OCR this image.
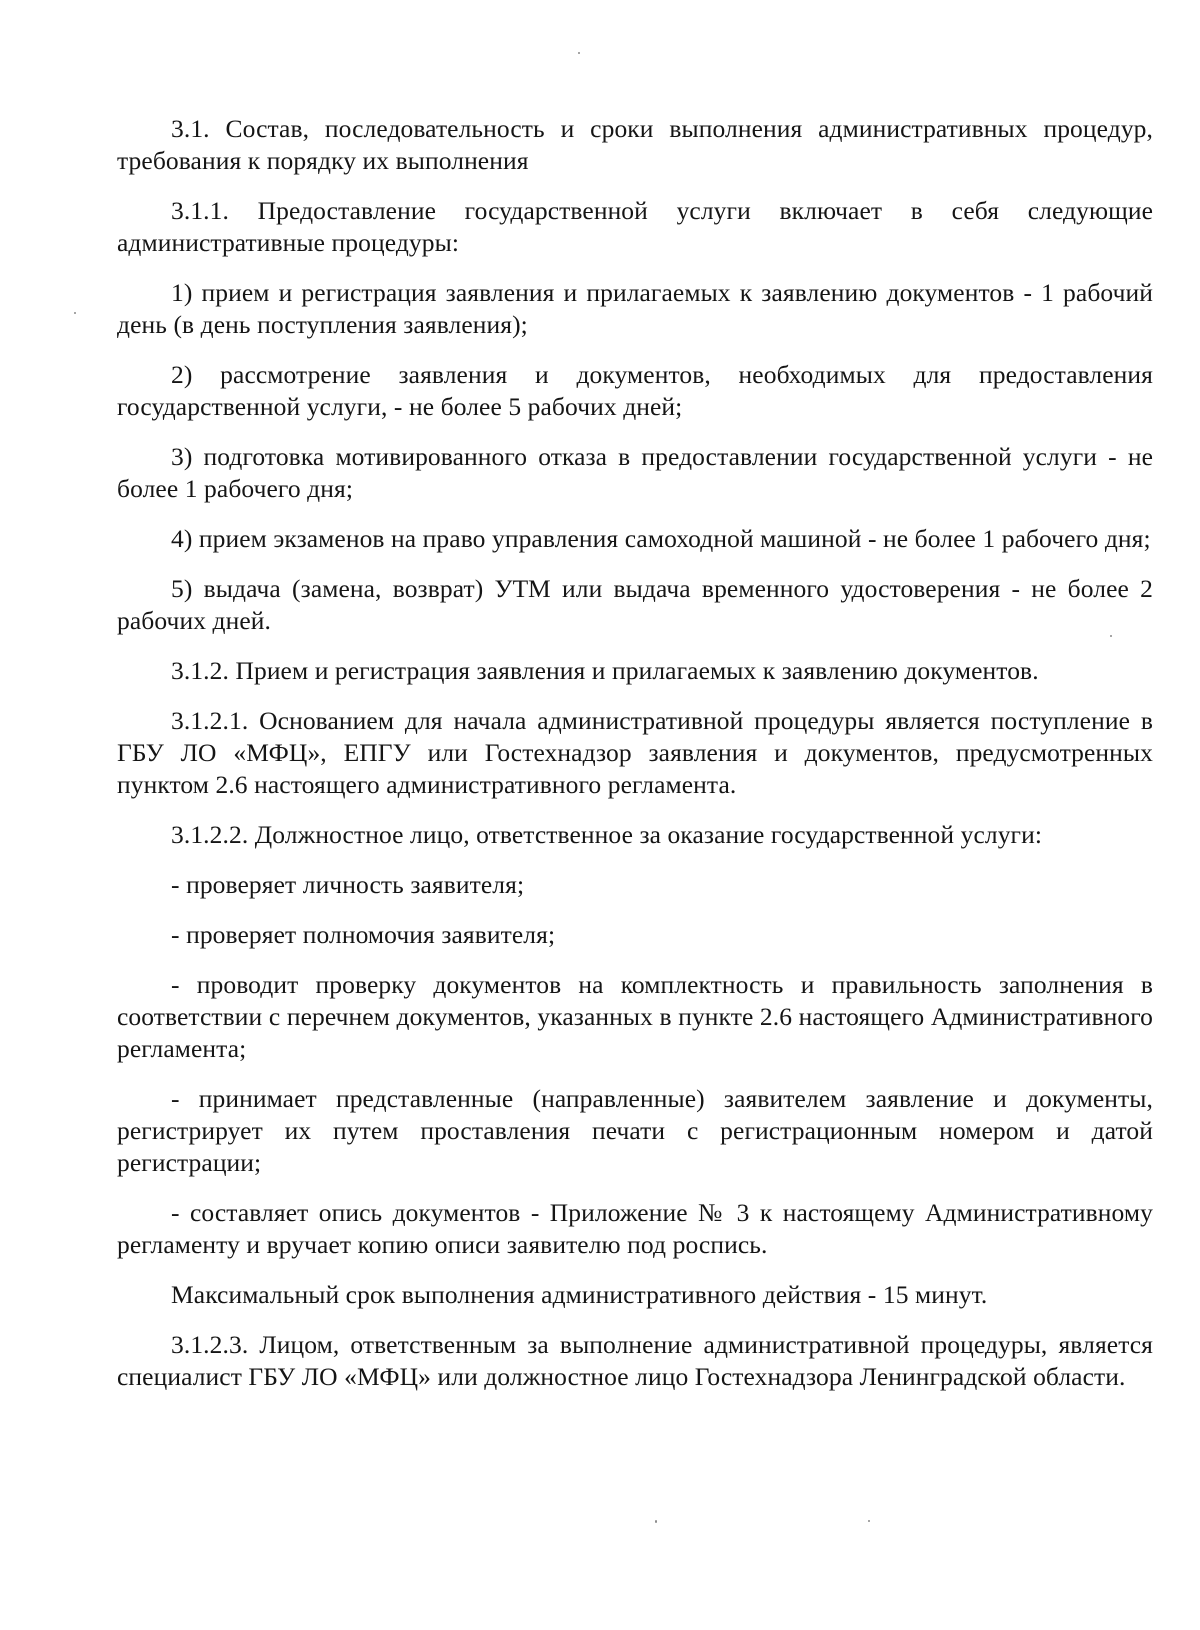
3.1. Состав, последовательность и сроки выполнения административных процедур, требования к порядку их выполнения

3.1.1. Предоставление государственной услуги включает в себя следующие административные процедуры:

1) прием и регистрация заявления и прилагаемых к заявлению документов - 1 рабочий день (в день поступления заявления);

2) рассмотрение заявления и документов, необходимых для предоставления государственной услуги, - не более 5 рабочих дней;

3) подготовка мотивированного отказа в предоставлении государственной услуги - не более 1 рабочего дня;

4) прием экзаменов на право управления самоходной машиной - не более 1 рабочего дня;

5) выдача (замена, возврат) УТМ или выдача временного удостоверения - не более 2 рабочих дней.

3.1.2. Прием и регистрация заявления и прилагаемых к заявлению документов.

3.1.2.1. Основанием для начала административной процедуры является поступление в ГБУ ЛО «МФЦ», ЕПГУ или Гостехнадзор заявления и документов, предусмотренных пунктом 2.6 настоящего административного регламента.

3.1.2.2. Должностное лицо, ответственное за оказание государственной услуги:

- проверяет личность заявителя;

- проверяет полномочия заявителя;

- проводит проверку документов на комплектность и правильность заполнения в соответствии с перечнем документов, указанных в пункте 2.6 настоящего Административного регламента;

- принимает представленные (направленные) заявителем заявление и документы, регистрирует их путем проставления печати с регистрационным номером и датой регистрации;

- составляет опись документов - Приложение № 3 к настоящему Административному регламенту и вручает копию описи заявителю под роспись.

Максимальный срок выполнения административного действия - 15 минут.

3.1.2.3. Лицом, ответственным за выполнение административной процедуры, является специалист ГБУ ЛО «МФЦ» или должностное лицо Гостехнадзора Ленинградской области.
